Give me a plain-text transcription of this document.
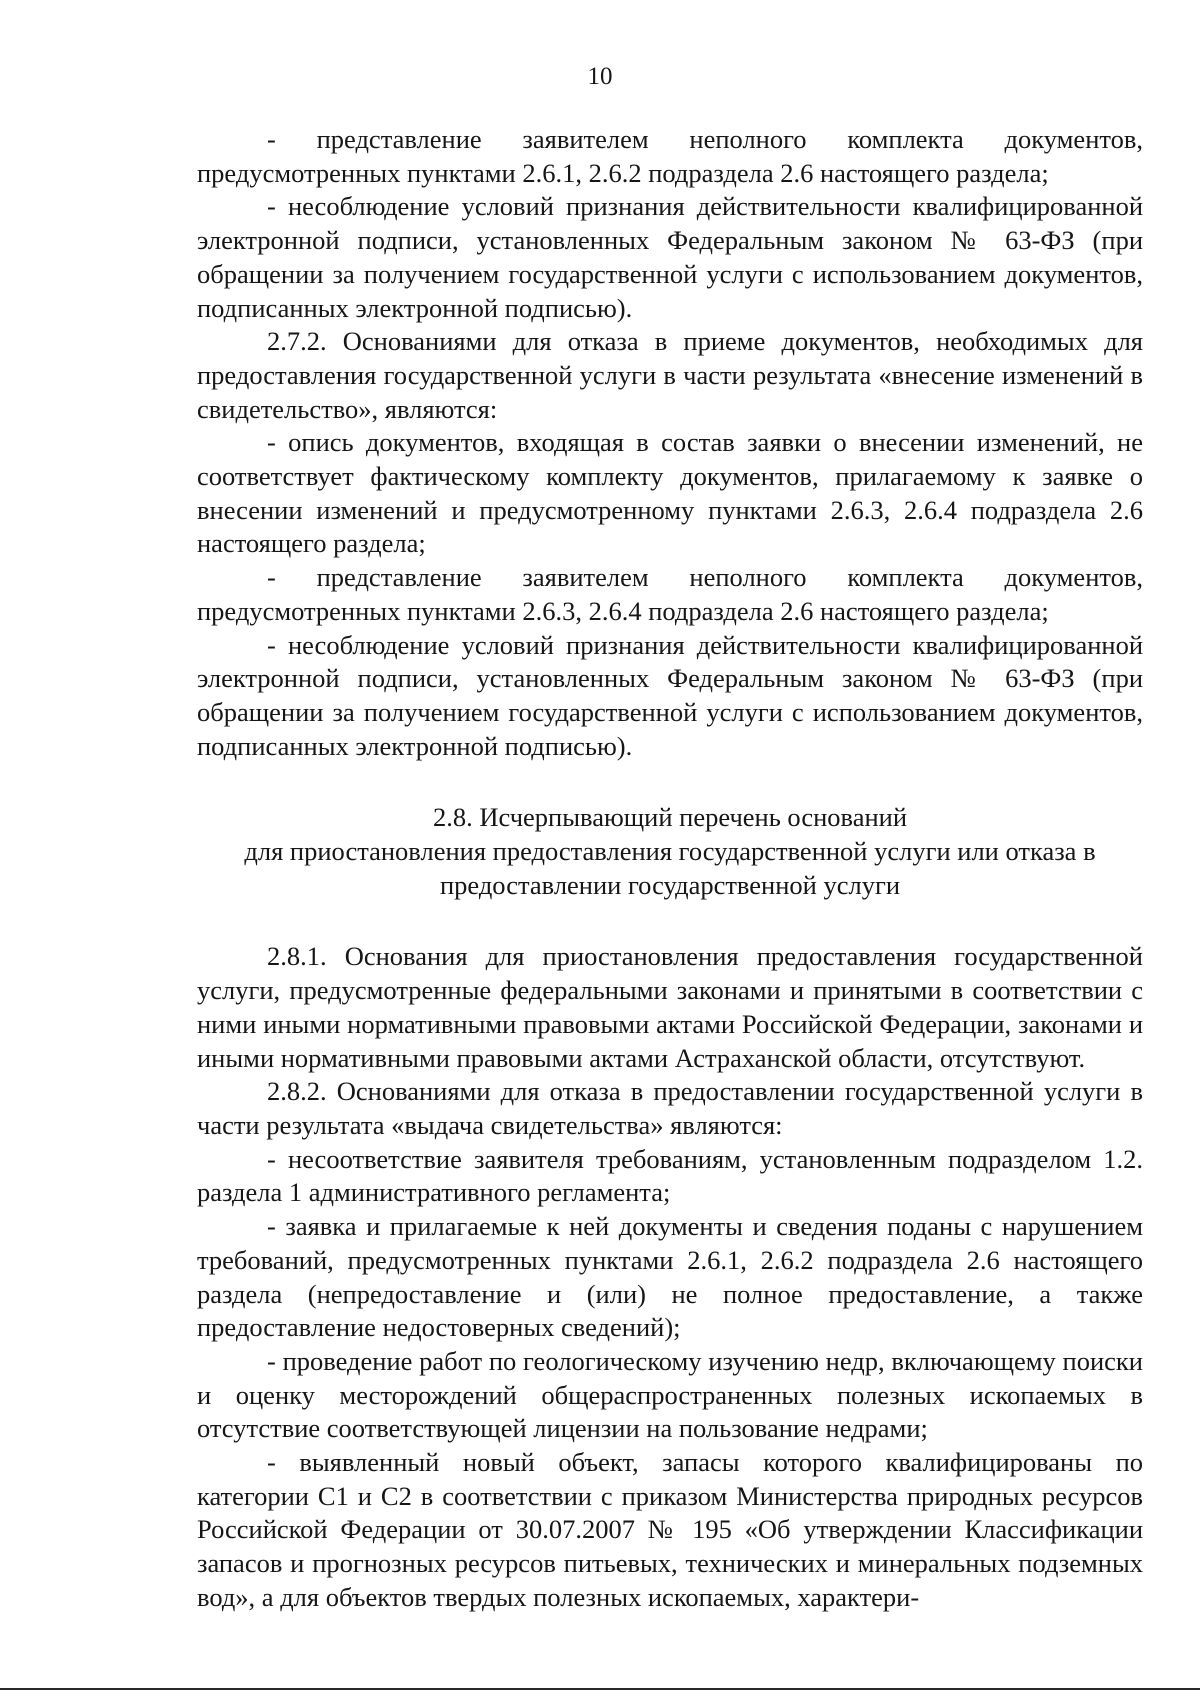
10

- представление заявителем неполного комплекта документов, предусмотренных пунктами 2.6.1, 2.6.2 подраздела 2.6 настоящего раздела;

- несоблюдение условий признания действительности квалифицированной электронной подписи, установленных Федеральным законом № 63-ФЗ (при обращении за получением государственной услуги с использованием документов, подписанных электронной подписью).

2.7.2. Основаниями для отказа в приеме документов, необходимых для предоставления государственной услуги в части результата «внесение изменений в свидетельство», являются:

- опись документов, входящая в состав заявки о внесении изменений, не соответствует фактическому комплекту документов, прилагаемому к заявке о внесении изменений и предусмотренному пунктами 2.6.3, 2.6.4 подраздела 2.6 настоящего раздела;

- представление заявителем неполного комплекта документов, предусмотренных пунктами 2.6.3, 2.6.4 подраздела 2.6 настоящего раздела;

- несоблюдение условий признания действительности квалифицированной электронной подписи, установленных Федеральным законом № 63-ФЗ (при обращении за получением государственной услуги с использованием документов, подписанных электронной подписью).

2.8. Исчерпывающий перечень оснований
для приостановления предоставления государственной услуги или отказа в
предоставлении государственной услуги

2.8.1. Основания для приостановления предоставления государственной услуги, предусмотренные федеральными законами и принятыми в соответствии с ними иными нормативными правовыми актами Российской Федерации, законами и иными нормативными правовыми актами Астраханской области, отсутствуют.

2.8.2. Основаниями для отказа в предоставлении государственной услуги в части результата «выдача свидетельства» являются:

- несоответствие заявителя требованиям, установленным подразделом 1.2. раздела 1 административного регламента;

- заявка и прилагаемые к ней документы и сведения поданы с нарушением требований, предусмотренных пунктами 2.6.1, 2.6.2 подраздела 2.6 настоящего раздела (непредоставление и (или) не полное предоставление, а также предоставление недостоверных сведений);

- проведение работ по геологическому изучению недр, включающему поиски и оценку месторождений общераспространенных полезных ископаемых в отсутствие соответствующей лицензии на пользование недрами;

- выявленный новый объект, запасы которого квалифицированы по категории С1 и С2 в соответствии с приказом Министерства природных ресурсов Российской Федерации от 30.07.2007 № 195 «Об утверждении Классификации запасов и прогнозных ресурсов питьевых, технических и минеральных подземных вод», а для объектов твердых полезных ископаемых, характери-
